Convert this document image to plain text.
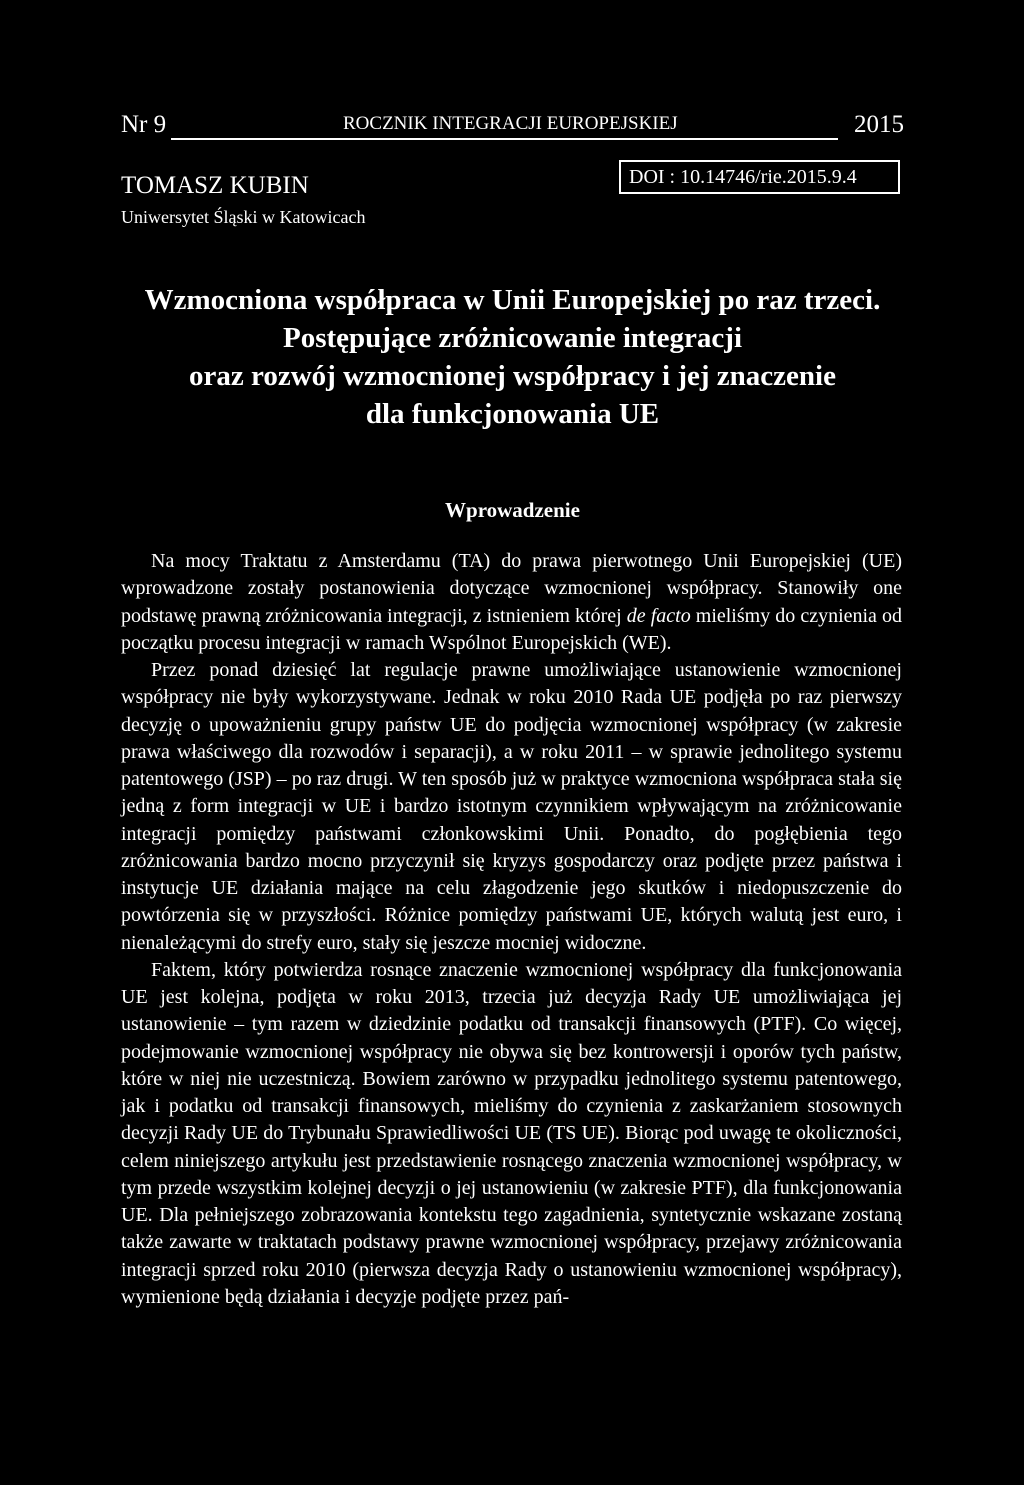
Nr 9	ROCZNIK INTEGRACJI EUROPEJSKIEJ	2015
TOMASZ KUBIN
Uniwersytet Śląski w Katowicach
DOI : 10.14746/rie.2015.9.4
Wzmocniona współpraca w Unii Europejskiej po raz trzeci.
Postępujące zróżnicowanie integracji
oraz rozwój wzmocnionej współpracy i jej znaczenie
dla funkcjonowania UE
Wprowadzenie

Na mocy Traktatu z Amsterdamu (TA) do prawa pierwotnego Unii Europejskiej (UE) wprowadzone zostały postanowienia dotyczące wzmocnionej współpracy. Stanowiły one podstawę prawną zróżnicowania integracji, z istnieniem której de facto mieliśmy do czynienia od początku procesu integracji w ramach Wspólnot Europejskich (WE).

Przez ponad dziesięć lat regulacje prawne umożliwiające ustanowienie wzmocnionej współpracy nie były wykorzystywane. Jednak w roku 2010 Rada UE podjęła po raz pierwszy decyzję o upoważnieniu grupy państw UE do podjęcia wzmocnionej współpracy (w zakresie prawa właściwego dla rozwodów i separacji), a w roku 2011 – w sprawie jednolitego systemu patentowego (JSP) – po raz drugi. W ten sposób już w praktyce wzmocniona współpraca stała się jedną z form integracji w UE i bardzo istotnym czynnikiem wpływającym na zróżnicowanie integracji pomiędzy państwami członkowskimi Unii. Ponadto, do pogłębienia tego zróżnicowania bardzo mocno przyczynił się kryzys gospodarczy oraz podjęte przez państwa i instytucje UE działania mające na celu złagodzenie jego skutków i niedopuszczenie do powtórzenia się w przyszłości. Różnice pomiędzy państwami UE, których walutą jest euro, i nienależącymi do strefy euro, stały się jeszcze mocniej widoczne.

Faktem, który potwierdza rosnące znaczenie wzmocnionej współpracy dla funkcjonowania UE jest kolejna, podjęta w roku 2013, trzecia już decyzja Rady UE umożliwiająca jej ustanowienie – tym razem w dziedzinie podatku od transakcji finansowych (PTF). Co więcej, podejmowanie wzmocnionej współpracy nie obywa się bez kontrowersji i oporów tych państw, które w niej nie uczestniczą. Bowiem zarówno w przypadku jednolitego systemu patentowego, jak i podatku od transakcji finansowych, mieliśmy do czynienia z zaskarżaniem stosownych decyzji Rady UE do Trybunału Sprawiedliwości UE (TS UE). Biorąc pod uwagę te okoliczności, celem niniejszego artykułu jest przedstawienie rosnącego znaczenia wzmocnionej współpracy, w tym przede wszystkim kolejnej decyzji o jej ustanowieniu (w zakresie PTF), dla funkcjonowania UE. Dla pełniejszego zobrazowania kontekstu tego zagadnienia, syntetycznie wskazane zostaną także zawarte w traktatach podstawy prawne wzmocnionej współpracy, przejawy zróżnicowania integracji sprzed roku 2010 (pierwsza decyzja Rady o ustanowieniu wzmocnionej współpracy), wymienione będą działania i decyzje podjęte przez pań-
